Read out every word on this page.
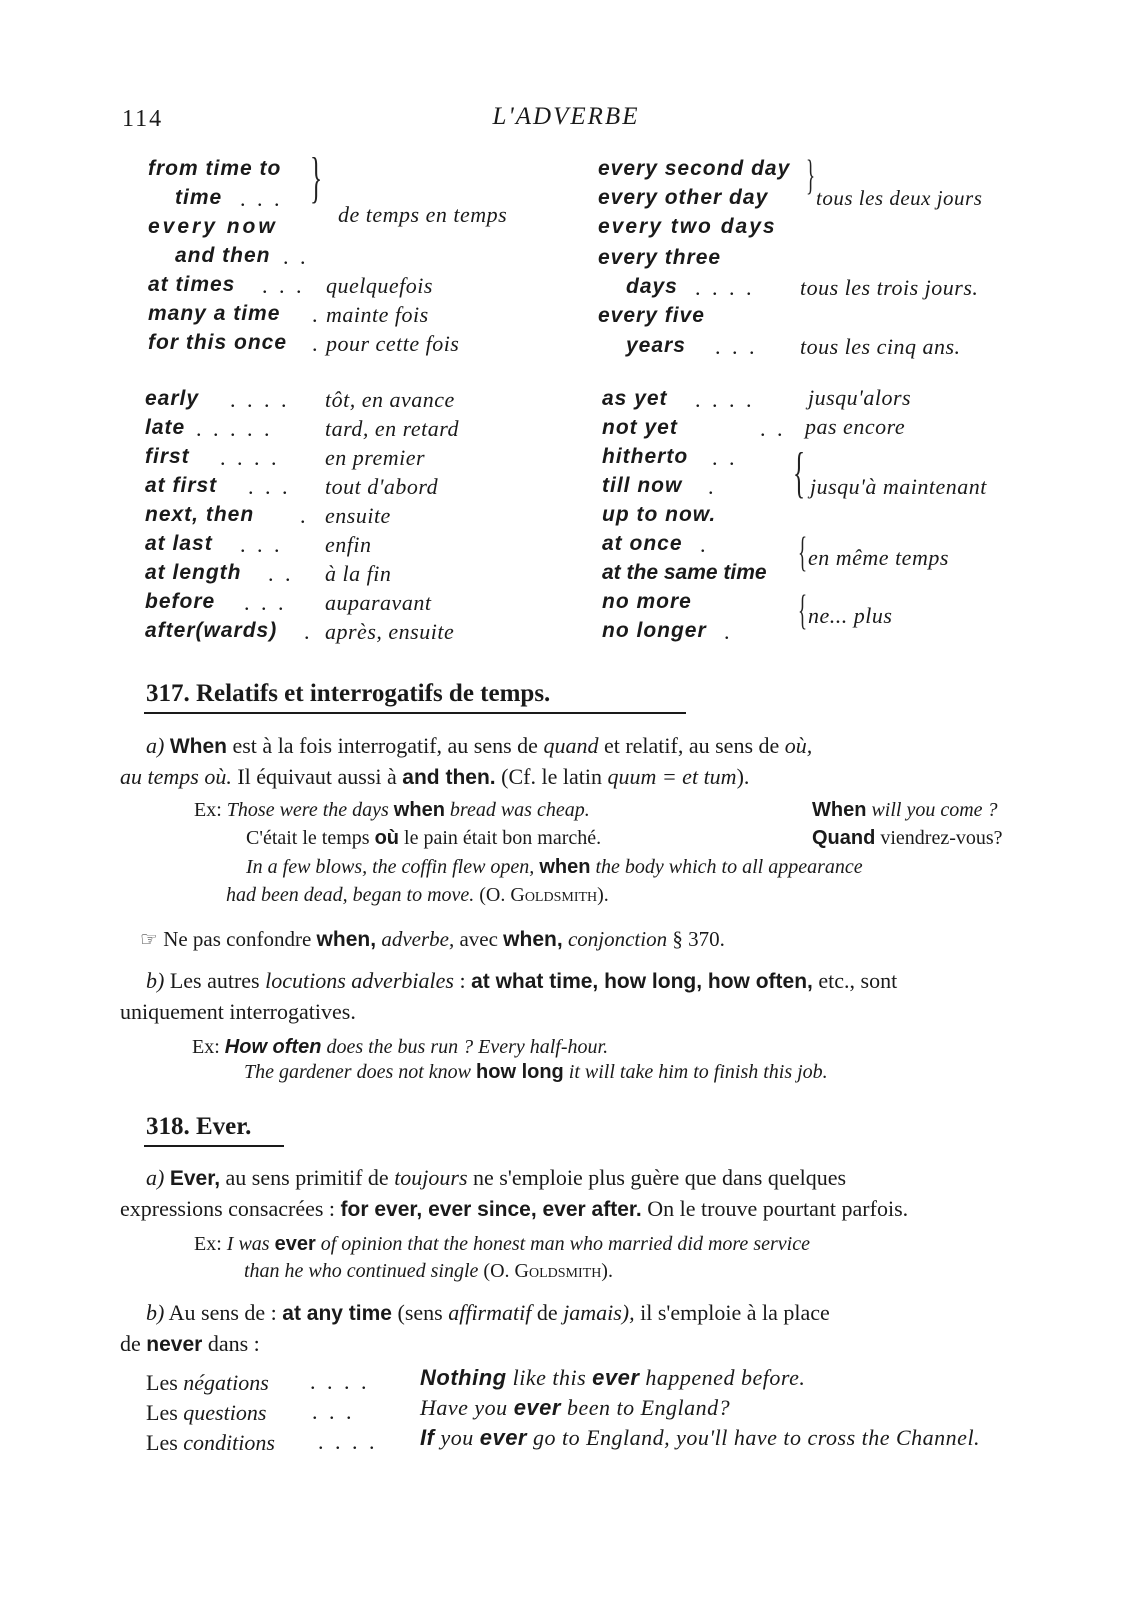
114	L'ADVERBE
from time to
time . . .
every now
and then . .
}
de temps en temps
at times . . . quelquefois
many a time . mainte fois
for this once . pour cette fois
every second day
every other day
every two days
} tous les deux jours
every three
days . . . . tous les trois jours.
every five
years . . . tous les cinq ans.
early . . . . tôt, en avance
late . . . . . tard, en retard
first . . . . en premier
at first . . . tout d'abord
next, then . ensuite
at last . . . enfin
at length . . à la fin
before . . . auparavant
after(wards) . après, ensuite
as yet . . . . jusqu'alors
not yet	. . pas encore
hitherto . .
till now .
up to now.
{ jusqu'à maintenant
at once .
at the same time { en même temps
no more
no longer . { ne... plus
317. Relatifs et interrogatifs de temps.
a) When est à la fois interrogatif, au sens de quand et relatif, au sens de où,
au temps où. Il équivaut aussi à and then. (Cf. le latin quum = et tum).
Ex: Those were the days when bread was cheap.	When will you come ?
C'était le temps où le pain était bon marché.	Quand viendrez-vous?
In a few blows, the coffin flew open, when the body which to all appearance
had been dead, began to move. (O. Goldsmith).
☞ Ne pas confondre when, adverbe, avec when, conjonction § 370.
b) Les autres locutions adverbiales : at what time, how long, how often, etc., sont
uniquement interrogatives.
Ex: How often does the bus run ? Every half-hour.
The gardener does not know how long it will take him to finish this job.
318. Ever.
a) Ever, au sens primitif de toujours ne s'emploie plus guère que dans quelques
expressions consacrées : for ever, ever since, ever after. On le trouve pourtant parfois.
Ex: I was ever of opinion that the honest man who married did more service
than he who continued single (O. Goldsmith).
b) Au sens de : at any time (sens affirmatif de jamais), il s'emploie à la place
de never dans :
Les négations . . . . Nothing like this ever happened before.
Les questions . . .	Have you ever been to England?
Les conditions . . . . If you ever go to England, you'll have to cross the Channel.
